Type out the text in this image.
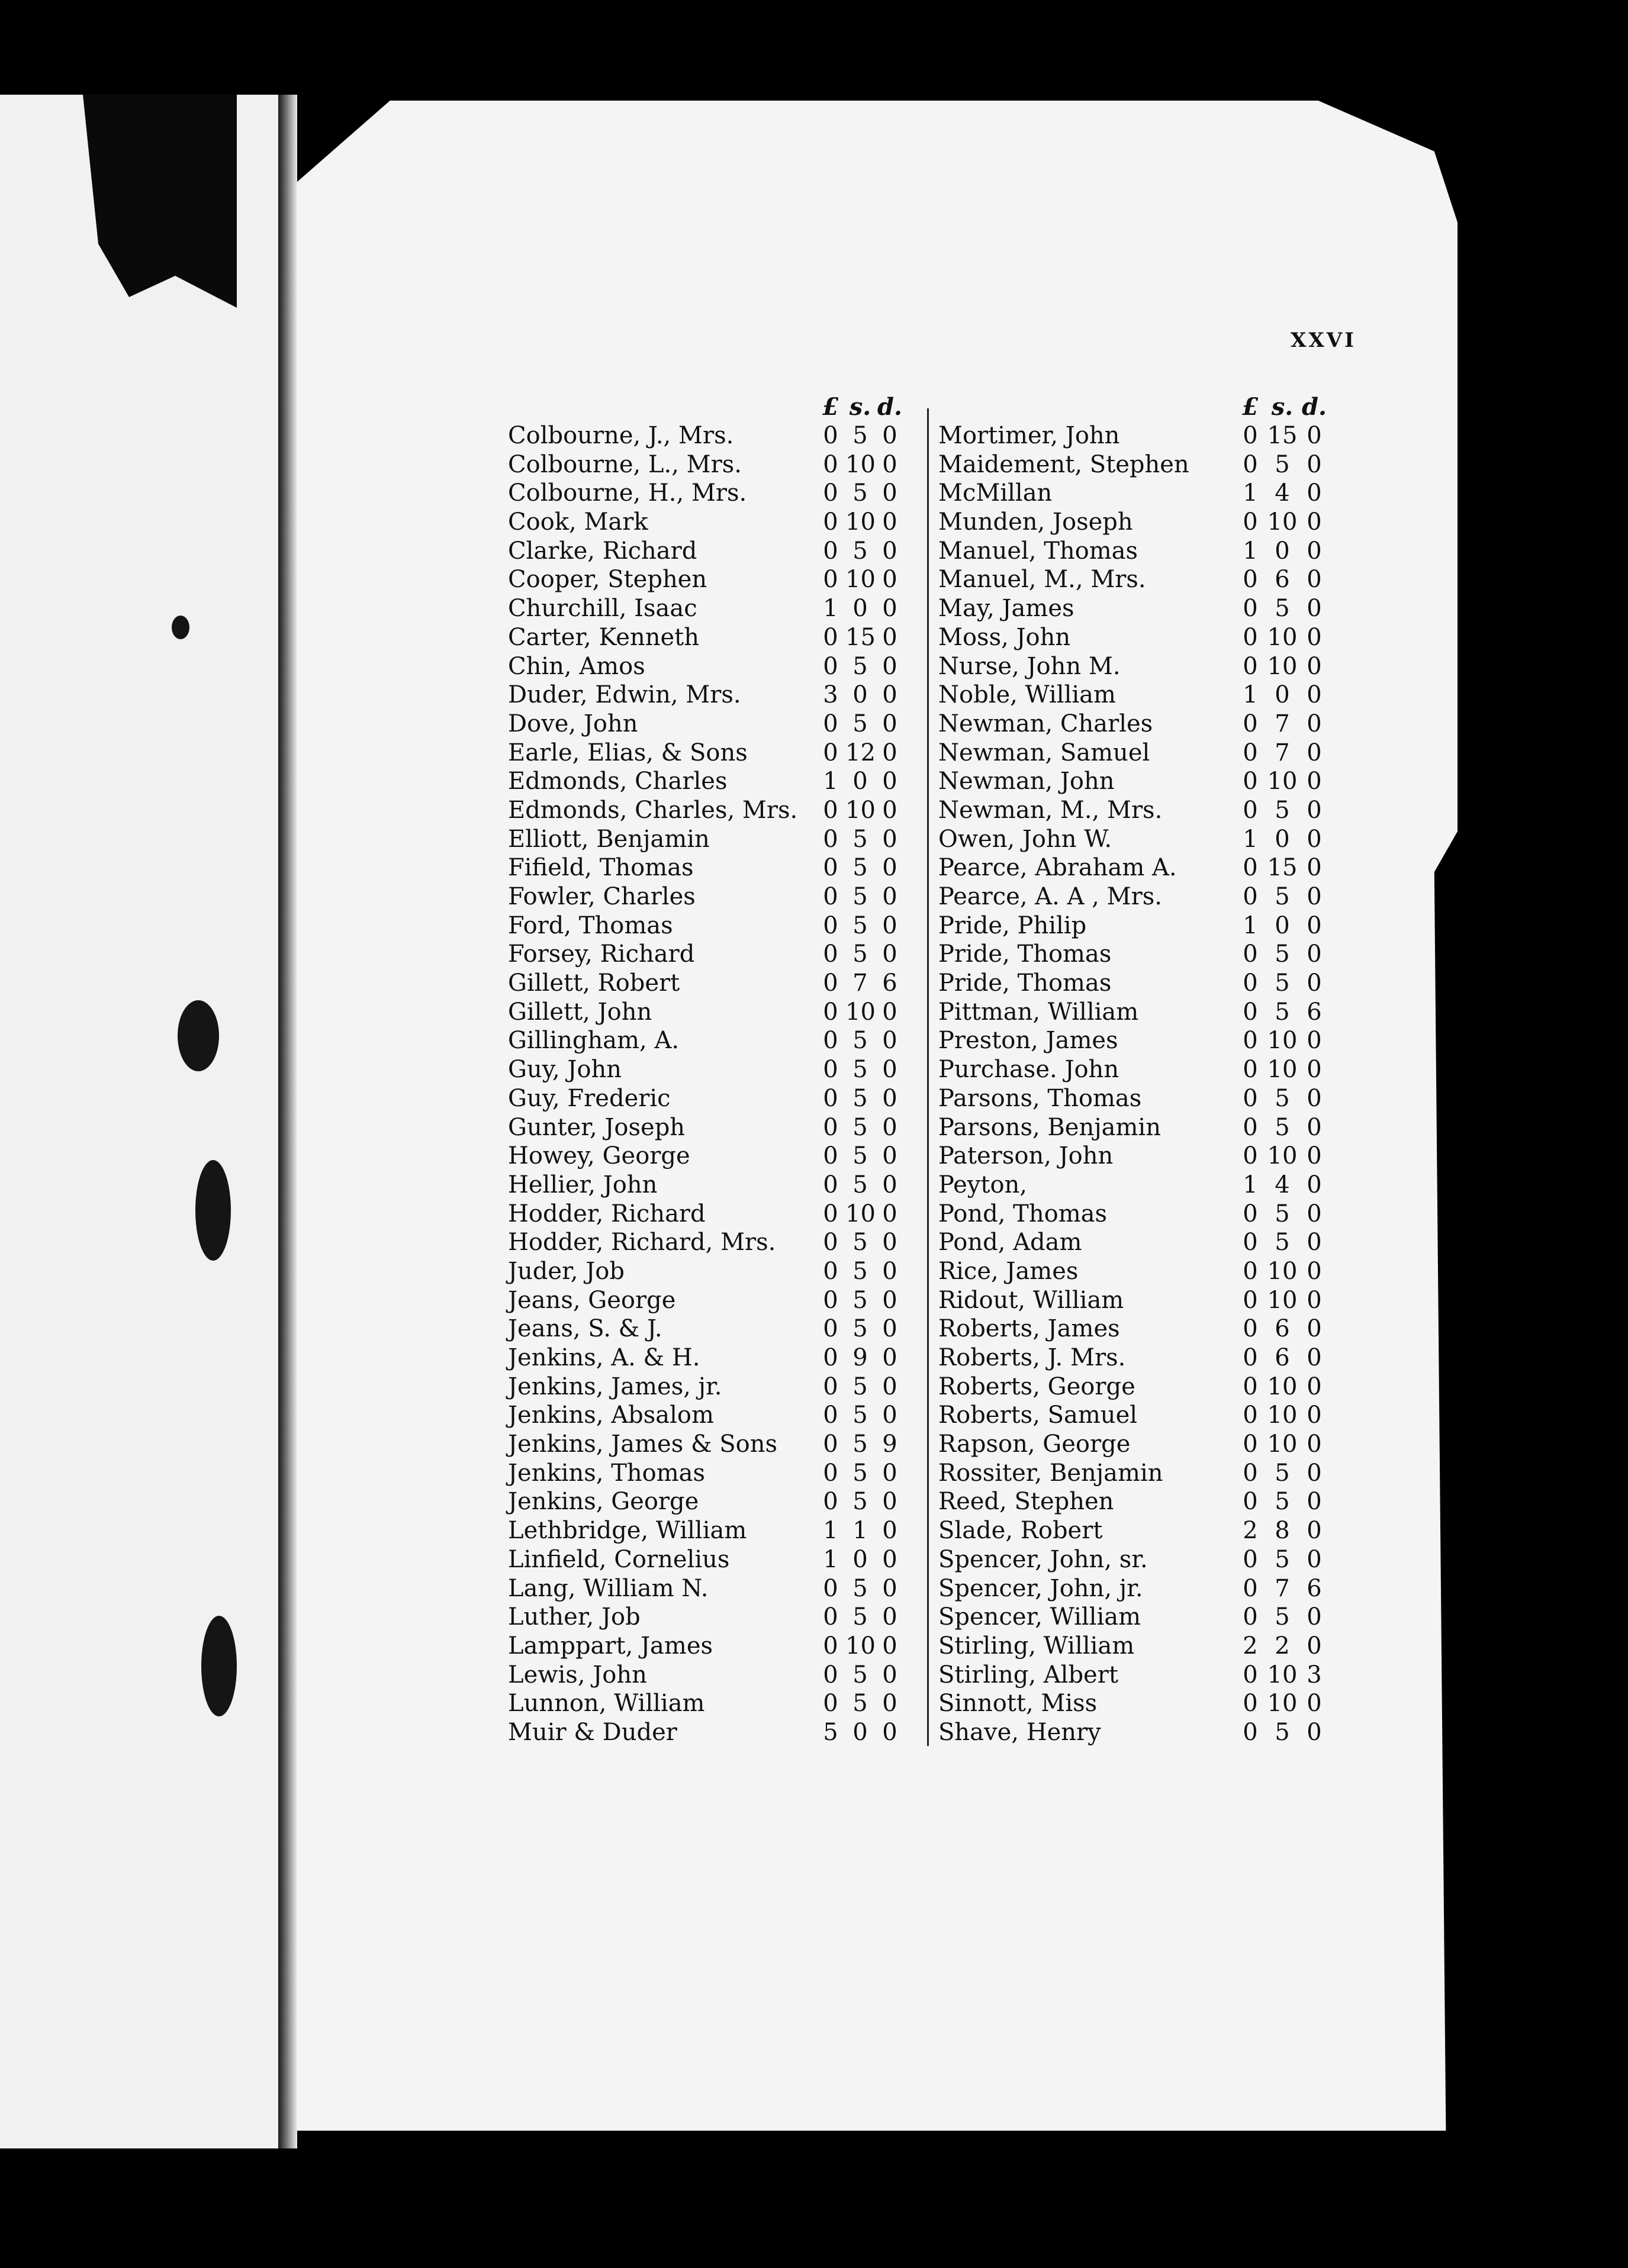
XXVI
£ s. d.	£ s. d.
Colbourne, J., Mrs.	0 5 0
Colbourne, L., Mrs.	0 10 0
Colbourne, H., Mrs.	0 5 0
Cook, Mark	0 10 0
Clarke, Richard	0 5 0
Cooper, Stephen	0 10 0
Churchill, Isaac	1 0 0
Carter, Kenneth	0 15 0
Chin, Amos	0 5 0
Duder, Edwin, Mrs.	3 0 0
Dove, John	0 5 0
Earle, Elias, & Sons	0 12 0
Edmonds, Charles	1 0 0
Edmonds, Charles, Mrs.	0 10 0
Elliott, Benjamin	0 5 0
Fifield, Thomas	0 5 0
Fowler, Charles	0 5 0
Ford, Thomas	0 5 0
Forsey, Richard	0 5 0
Gillett, Robert	0 7 6
Gillett, John	0 10 0
Gillingham, A.	0 5 0
Guy, John	0 5 0
Guy, Frederic	0 5 0
Gunter, Joseph	0 5 0
Howey, George	0 5 0
Hellier, John	0 5 0
Hodder, Richard	0 10 0
Hodder, Richard, Mrs.	0 5 0
Juder, Job	0 5 0
Jeans, George	0 5 0
Jeans, S. & J.	0 5 0
Jenkins, A. & H.	0 9 0
Jenkins, James, jr.	0 5 0
Jenkins, Absalom	0 5 0
Jenkins, James & Sons	0 5 9
Jenkins, Thomas	0 5 0
Jenkins, George	0 5 0
Lethbridge, William	1 1 0
Linfield, Cornelius	1 0 0
Lang, William N.	0 5 0
Luther, Job	0 5 0
Lamppart, James	0 10 0
Lewis, John	0 5 0
Lunnon, William	0 5 0
Muir & Duder	5 0 0
Mortimer, John	0 15 0
Maidement, Stephen	0 5 0
McMillan	1 4 0
Munden, Joseph	0 10 0
Manuel, Thomas	1 0 0
Manuel, M., Mrs.	0 6 0
May, James	0 5 0
Moss, John	0 10 0
Nurse, John M.	0 10 0
Noble, William	1 0 0
Newman, Charles	0 7 0
Newman, Samuel	0 7 0
Newman, John	0 10 0
Newman, M., Mrs.	0 5 0
Owen, John W.	1 0 0
Pearce, Abraham A.	0 15 0
Pearce, A. A , Mrs.	0 5 0
Pride, Philip	1 0 0
Pride, Thomas	0 5 0
Pride, Thomas	0 5 0
Pittman, William	0 5 6
Preston, James	0 10 0
Purchase. John	0 10 0
Parsons, Thomas	0 5 0
Parsons, Benjamin	0 5 0
Paterson, John	0 10 0
Peyton,	1 4 0
Pond, Thomas	0 5 0
Pond, Adam	0 5 0
Rice, James	0 10 0
Ridout, William	0 10 0
Roberts, James	0 6 0
Roberts, J. Mrs.	0 6 0
Roberts, George	0 10 0
Roberts, Samuel	0 10 0
Rapson, George	0 10 0
Rossiter, Benjamin	0 5 0
Reed, Stephen	0 5 0
Slade, Robert	2 8 0
Spencer, John, sr.	0 5 0
Spencer, John, jr.	0 7 6
Spencer, William	0 5 0
Stirling, William	2 2 0
Stirling, Albert	0 10 3
Sinnott, Miss	0 10 0
Shave, Henry	0 5 0
